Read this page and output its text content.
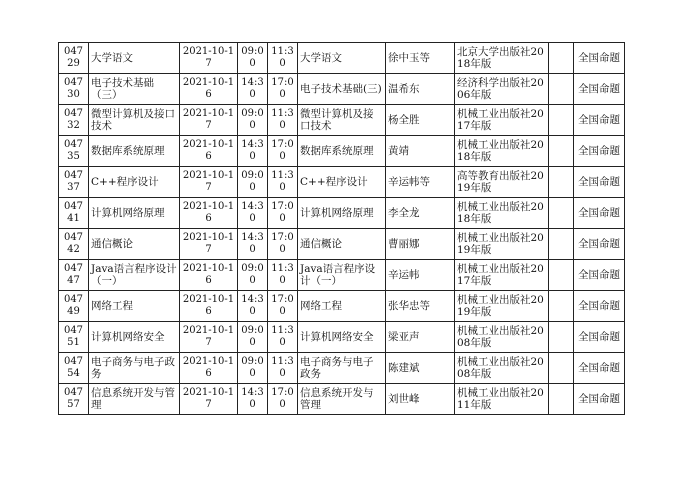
04729	大学语文	2021-10-17	09:00	11:30	大学语文	徐中玉等	北京大学出版社2018年版		全国命题
04730	电子技术基础（三）	2021-10-16	14:30	17:00	电子技术基础(三)	温希东	经济科学出版社2006年版		全国命题
04732	微型计算机及接口技术	2021-10-17	09:00	11:30	微型计算机及接口技术	杨全胜	机械工业出版社2017年版		全国命题
04735	数据库系统原理	2021-10-16	14:30	17:00	数据库系统原理	黄靖	机械工业出版社2018年版		全国命题
04737	C++程序设计	2021-10-17	09:00	11:30	C++程序设计	辛运帏等	高等教育出版社2019年版		全国命题
04741	计算机网络原理	2021-10-16	14:30	17:00	计算机网络原理	李全龙	机械工业出版社2018年版		全国命题
04742	通信概论	2021-10-17	14:30	17:00	通信概论	曹丽娜	机械工业出版社2019年版		全国命题
04747	Java语言程序设计（一）	2021-10-16	09:00	11:30	Java语言程序设计（一）	辛运帏	机械工业出版社2017年版		全国命题
04749	网络工程	2021-10-16	14:30	17:00	网络工程	张华忠等	机械工业出版社2019年版		全国命题
04751	计算机网络安全	2021-10-17	09:00	11:30	计算机网络安全	梁亚声	机械工业出版社2008年版		全国命题
04754	电子商务与电子政务	2021-10-16	09:00	11:30	电子商务与电子政务	陈建斌	机械工业出版社2008年版		全国命题
04757	信息系统开发与管理	2021-10-17	14:30	17:00	信息系统开发与管理	刘世峰	机械工业出版社2011年版		全国命题
